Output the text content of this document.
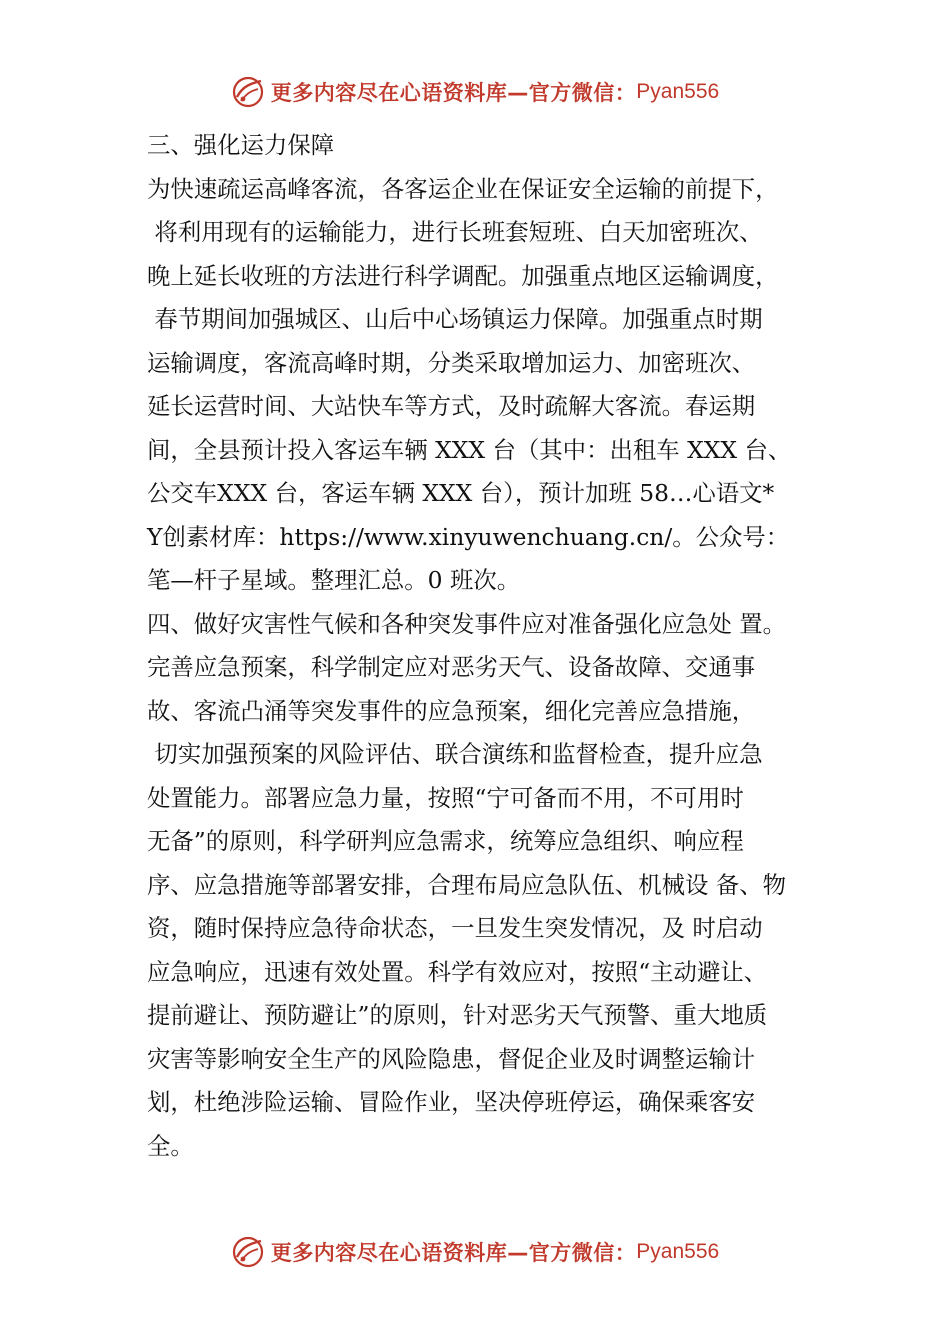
更多内容尽在心语资料库—官方微信： Pyan556
三、强化运力保障
为快速疏运高峰客流，各客运企业在保证安全运输的前提下，
将利用现有的运输能力，进行长班套短班、白天加密班次、
晚上延长收班的方法进行科学调配。加强重点地区运输调度，
春节期间加强城区、山后中心场镇运力保障。加强重点时期
运输调度，客流高峰时期，分类采取增加运力、加密班次、
延长运营时间、大站快车等方式，及时疏解大客流。春运期
间，全县预计投入客运车辆 XXX 台（其中：出租车 XXX 台、
公交车XXX 台，客运车辆 XXX 台），预计加班 58…心语文*
Y创素材库：https://www.xinyuwenchuang.cn/。公众号：
笔—杆子星域。整理汇总。0 班次。
四、做好灾害性气候和各种突发事件应对准备强化应急处 置。
完善应急预案，科学制定应对恶劣天气、设备故障、交通事
故、客流凸涌等突发事件的应急预案，细化完善应急措施，
切实加强预案的风险评估、联合演练和监督检查，提升应急
处置能力。部署应急力量，按照“宁可备而不用，不可用时
无备”的原则，科学研判应急需求，统筹应急组织、响应程
序、应急措施等部署安排，合理布局应急队伍、机械设 备、物
资，随时保持应急待命状态，一旦发生突发情况，及 时启动
应急响应，迅速有效处置。科学有效应对，按照“主动避让、
提前避让、预防避让”的原则，针对恶劣天气预警、重大地质
灾害等影响安全生产的风险隐患，督促企业及时调整运输计
划，杜绝涉险运输、冒险作业，坚决停班停运，确保乘客安
全。
更多内容尽在心语资料库—官方微信： Pyan556
